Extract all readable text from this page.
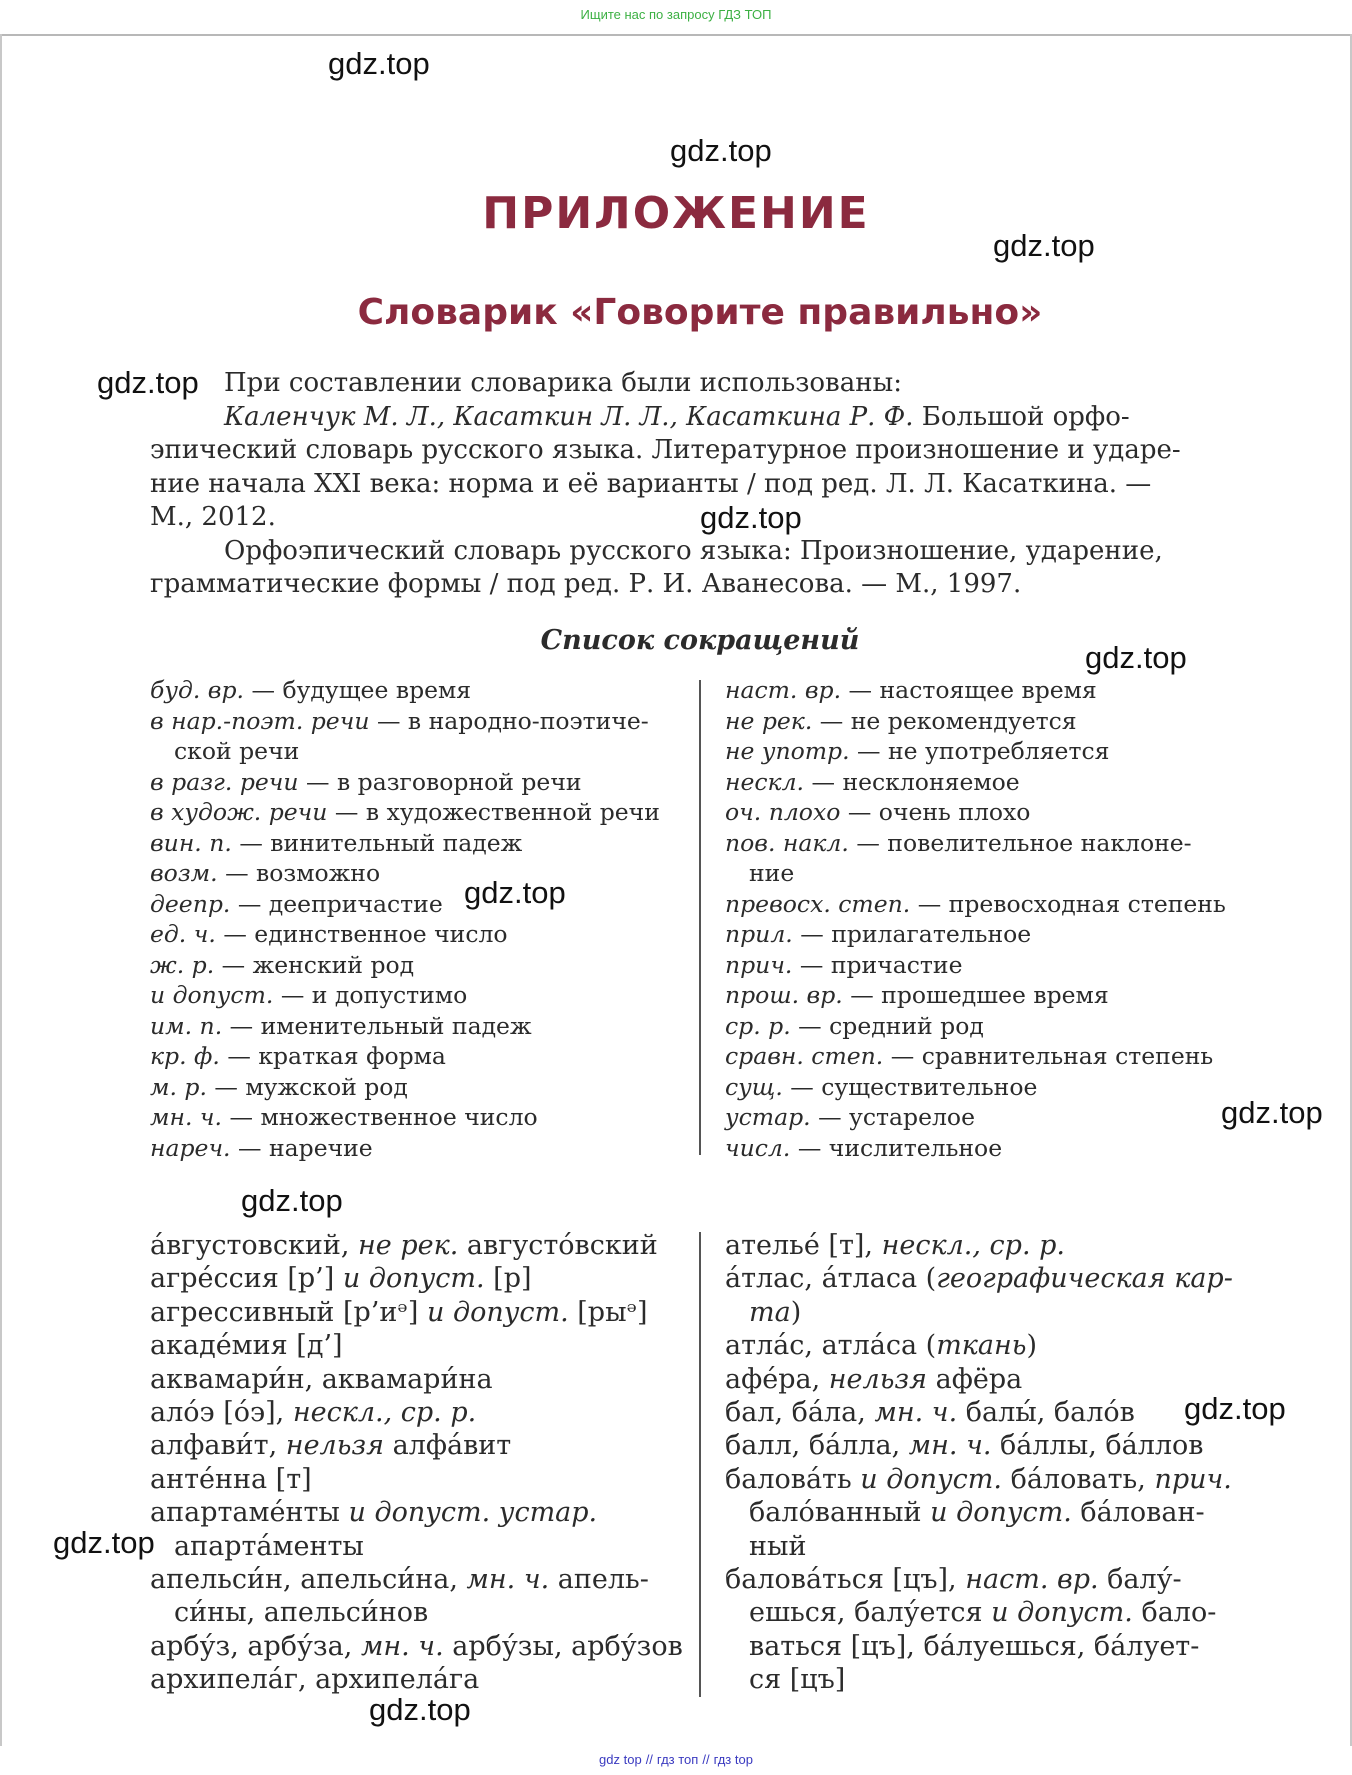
Ищите нас по запросу ГДЗ ТОП
gdz.top
gdz.top
gdz.top
gdz.top
gdz.top
gdz.top
gdz.top
gdz.top
gdz.top
gdz.top
gdz.top
gdz.top
ПРИЛОЖЕНИЕ
Словарик «Говорите правильно»
При составлении словарика были использованы:
Каленчук М. Л., Касаткин Л. Л., Касаткина Р. Ф. Большой орфо-
эпический словарь русского языка. Литературное произношение и ударе-
ние начала XXI века: норма и её варианты / под ред. Л. Л. Касаткина. —
М., 2012.
Орфоэпический словарь русского языка: Произношение, ударение,
грамматические формы / под ред. Р. И. Аванесова. — М., 1997.
Список сокращений
буд. вр. — будущее время
в нар.-поэт. речи — в народно-поэтиче-
ской речи
в разг. речи — в разговорной речи
в худож. речи — в художественной речи
вин. п. — винительный падеж
возм. — возможно
деепр. — деепричастие
ед. ч. — единственное число
ж. р. — женский род
и допуст. — и допустимо
им. п. — именительный падеж
кр. ф. — краткая форма
м. р. — мужской род
мн. ч. — множественное число
нареч. — наречие
наст. вр. — настоящее время
не рек. — не рекомендуется
не употр. — не употребляется
нескл. — несклоняемое
оч. плохо — очень плохо
пов. накл. — повелительное наклоне-
ние
превосх. степ. — превосходная степень
прил. — прилагательное
прич. — причастие
прош. вр. — прошедшее время
ср. р. — средний род
сравн. степ. — сравнительная степень
сущ. — существительное
устар. — устарелое
числ. — числительное
а́вгустовский, не рек. августо́вский
агре́ссия [р’] и допуст. [р]
агрессивный [р’иᵊ] и допуст. [рыᵊ]
акаде́мия [д’]
аквамари́н, аквамари́на
ало́э [о́э], нескл., ср. р.
алфави́т, нельзя алфа́вит
анте́нна [т]
апартаме́нты и допуст. устар.
апарта́менты
апельси́н, апельси́на, мн. ч. апель-
си́ны, апельси́нов
арбу́з, арбу́за, мн. ч. арбу́зы, арбу́зов
архипела́г, архипела́га
ателье́ [т], нескл., ср. р.
а́тлас, а́тласа (географическая кар-
та)
атла́с, атла́са (ткань)
афе́ра, нельзя афёра
бал, ба́ла, мн. ч. балы́, бало́в
балл, ба́лла, мн. ч. ба́ллы, ба́ллов
балова́ть и допуст. ба́ловать, прич.
бало́ванный и допуст. ба́лован-
ный
балова́ться [цъ], наст. вр. балу́-
ешься, балу́ется и допуст. бало-
ваться [цъ], ба́луешься, ба́лует-
ся [цъ]
gdz top // гдз топ // гдз top
